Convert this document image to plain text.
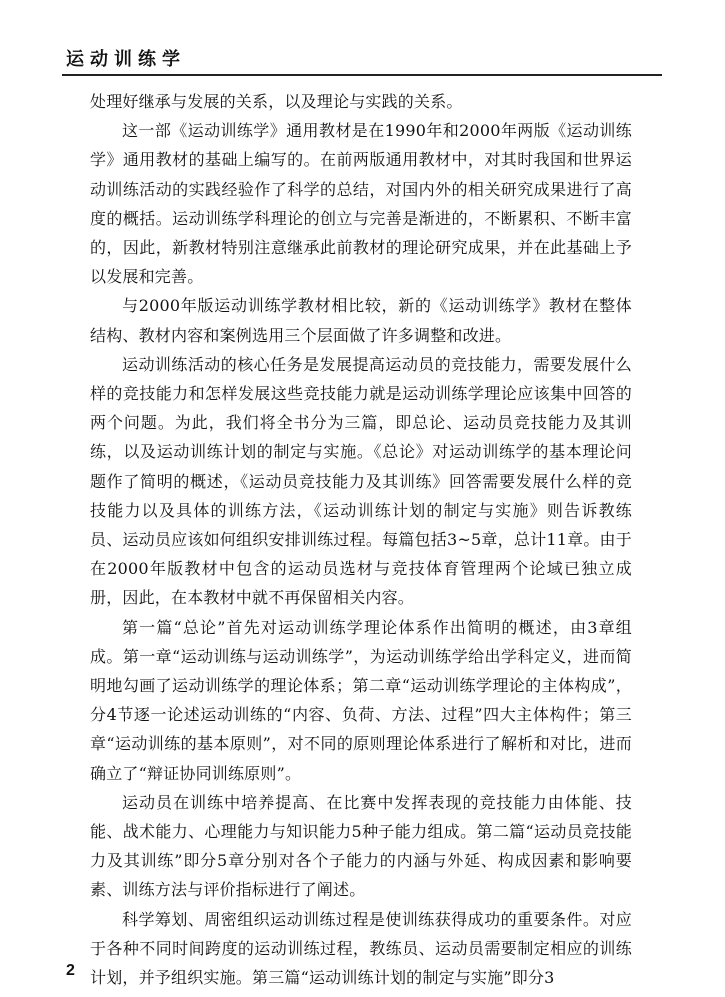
运动训练学

处理好继承与发展的关系，以及理论与实践的关系。

这一部《运动训练学》通用教材是在1990年和2000年两版《运动训练学》通用教材的基础上编写的。在前两版通用教材中，对其时我国和世界运动训练活动的实践经验作了科学的总结，对国内外的相关研究成果进行了高度的概括。运动训练学科理论的创立与完善是渐进的，不断累积、不断丰富的，因此，新教材特别注意继承此前教材的理论研究成果，并在此基础上予以发展和完善。

与2000年版运动训练学教材相比较，新的《运动训练学》教材在整体结构、教材内容和案例选用三个层面做了许多调整和改进。

运动训练活动的核心任务是发展提高运动员的竞技能力，需要发展什么样的竞技能力和怎样发展这些竞技能力就是运动训练学理论应该集中回答的两个问题。为此，我们将全书分为三篇，即总论、运动员竞技能力及其训练，以及运动训练计划的制定与实施。《总论》对运动训练学的基本理论问题作了简明的概述，《运动员竞技能力及其训练》回答需要发展什么样的竞技能力以及具体的训练方法，《运动训练计划的制定与实施》则告诉教练员、运动员应该如何组织安排训练过程。每篇包括3~5章，总计11章。由于在2000年版教材中包含的运动员选材与竞技体育管理两个论域已独立成册，因此，在本教材中就不再保留相关内容。

第一篇“总论”首先对运动训练学理论体系作出简明的概述，由3章组成。第一章“运动训练与运动训练学”，为运动训练学给出学科定义，进而简明地勾画了运动训练学的理论体系；第二章“运动训练学理论的主体构成”，分4节逐一论述运动训练的“内容、负荷、方法、过程”四大主体构件；第三章“运动训练的基本原则”，对不同的原则理论体系进行了解析和对比，进而确立了“辩证协同训练原则”。

运动员在训练中培养提高、在比赛中发挥表现的竞技能力由体能、技能、战术能力、心理能力与知识能力5种子能力组成。第二篇“运动员竞技能力及其训练”即分5章分别对各个子能力的内涵与外延、构成因素和影响要素、训练方法与评价指标进行了阐述。

科学筹划、周密组织运动训练过程是使训练获得成功的重要条件。对应于各种不同时间跨度的运动训练过程，教练员、运动员需要制定相应的训练计划，并予组织实施。第三篇“运动训练计划的制定与实施”即分3

2
